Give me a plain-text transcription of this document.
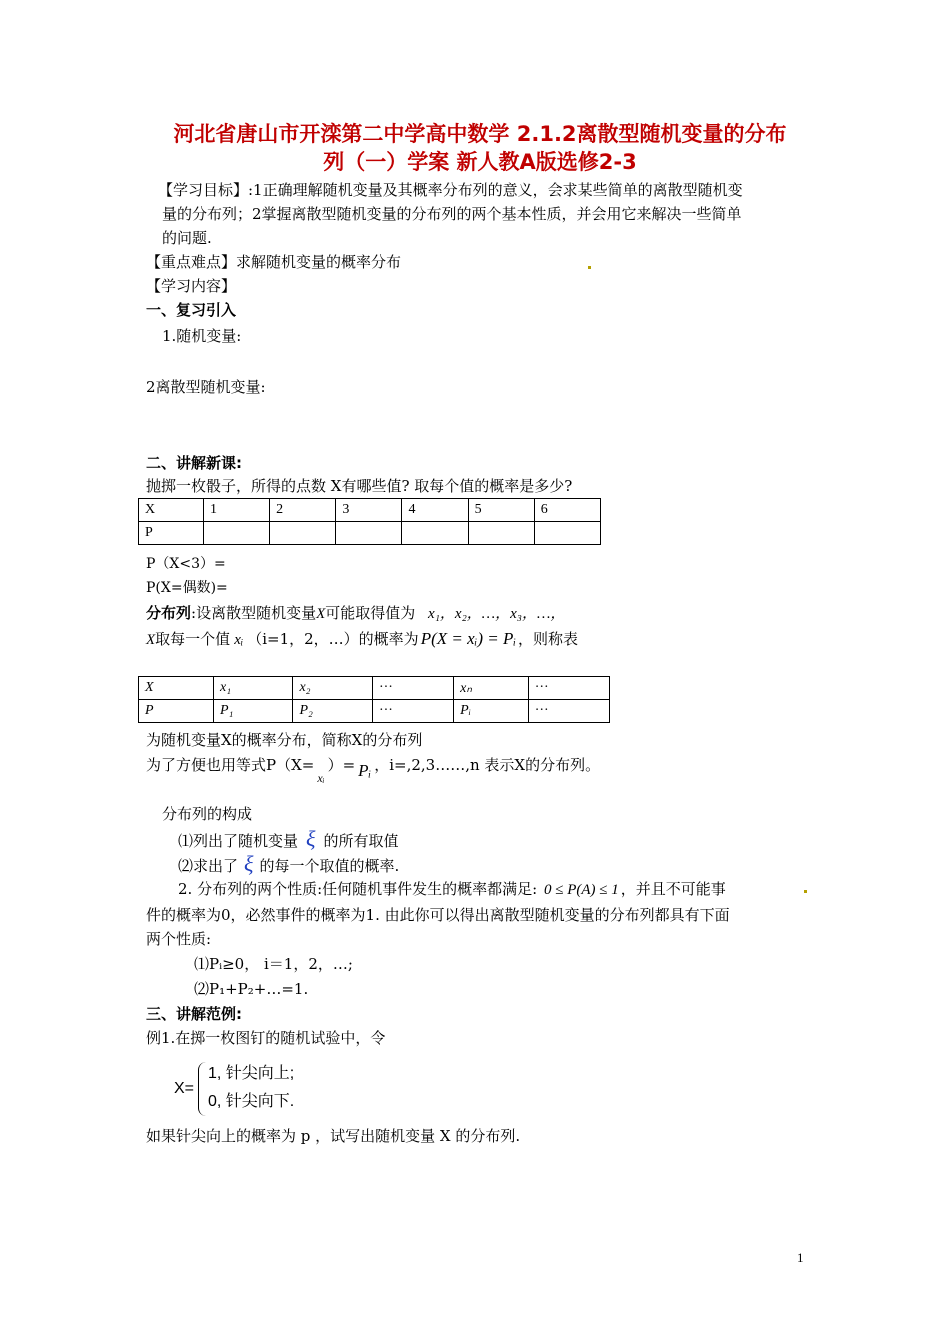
河北省唐山市开滦第二中学高中数学 2.1.2离散型随机变量的分布
列（一）学案 新人教A版选修2-3
【学习目标】:1正确理解随机变量及其概率分布列的意义，会求某些简单的离散型随机变
量的分布列；2掌握离散型随机变量的分布列的两个基本性质，并会用它来解决一些简单
的问题.
【重点难点】求解随机变量的概率分布
【学习内容】
一、复习引入
1.随机变量:
2离散型随机变量:
二、讲解新课:
抛掷一枚骰子，所得的点数 X有哪些值? 取每个值的概率是多少?
X	1	2	3	4	5	6
P						
P（X<3）=
P(X=偶数)=
分布列:设离散型随机变量X可能取得值为 x₁，x₂，…，x₃，…，
X取每一个值 xᵢ （i=1，2，…）的概率为 P(X = xᵢ) = Pᵢ ，则称表
X	x₁	x₂	···	xₙ	···
P	P₁	P₂	···	Pᵢ	···
为随机变量X的概率分布，简称X的分布列
为了方便也用等式$P(X=_{xᵢ})=$ Pᵢ ，i=,2,3……,n 表示X的分布列。
分布列的构成
⑴列出了随机变量 ξ 的所有取值
⑵求出了 ξ 的每一个取值的概率.
2. 分布列的两个性质:任何随机事件发生的概率都满足: 0 ≤ P(A) ≤ 1 ，并且不可能事
件的概率为0，必然事件的概率为1. 由此你可以得出离散型随机变量的分布列都具有下面
两个性质:
⑴Pᵢ≥0， i＝1，2，…;
⑵P₁+P₂+…=1.
三、讲解范例:
例1.在掷一枚图钉的随机试验中，令
X=
1, 针尖向上;
0, 针尖向下.
如果针尖向上的概率为 p ，试写出随机变量 X 的分布列.
1
